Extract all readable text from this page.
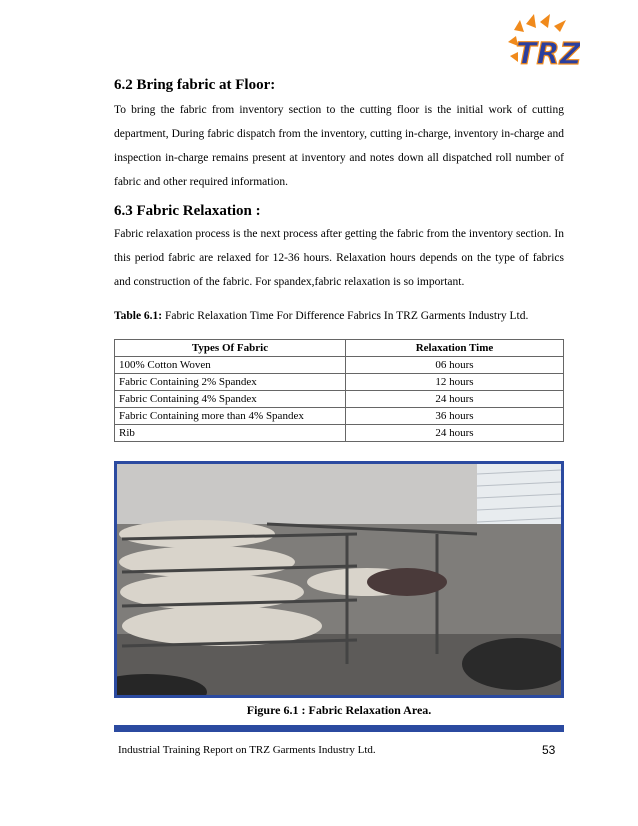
TRZ
6.2 Bring fabric at Floor:
To bring the fabric from inventory section to the cutting floor is the initial work of cutting department, During fabric dispatch from the inventory, cutting in-charge, inventory in-charge and inspection in-charge remains present at inventory and notes down all dispatched roll number of fabric and other required information.
6.3 Fabric Relaxation :
Fabric relaxation process is the next process after getting the fabric from the inventory section. In this period fabric are relaxed for 12-36 hours. Relaxation hours depends on the type of fabrics and construction of the fabric. For spandex,fabric relaxation is so important.
Table 6.1: Fabric Relaxation Time For Difference Fabrics In TRZ Garments Industry Ltd.
Types Of Fabric	Relaxation Time
100% Cotton Woven	06 hours
Fabric Containing 2% Spandex	12 hours
Fabric Containing 4% Spandex	24 hours
Fabric Containing more than 4% Spandex	36 hours
Rib	24 hours
Figure 6.1 : Fabric Relaxation Area.
Industrial Training Report on TRZ Garments Industry Ltd.	53
